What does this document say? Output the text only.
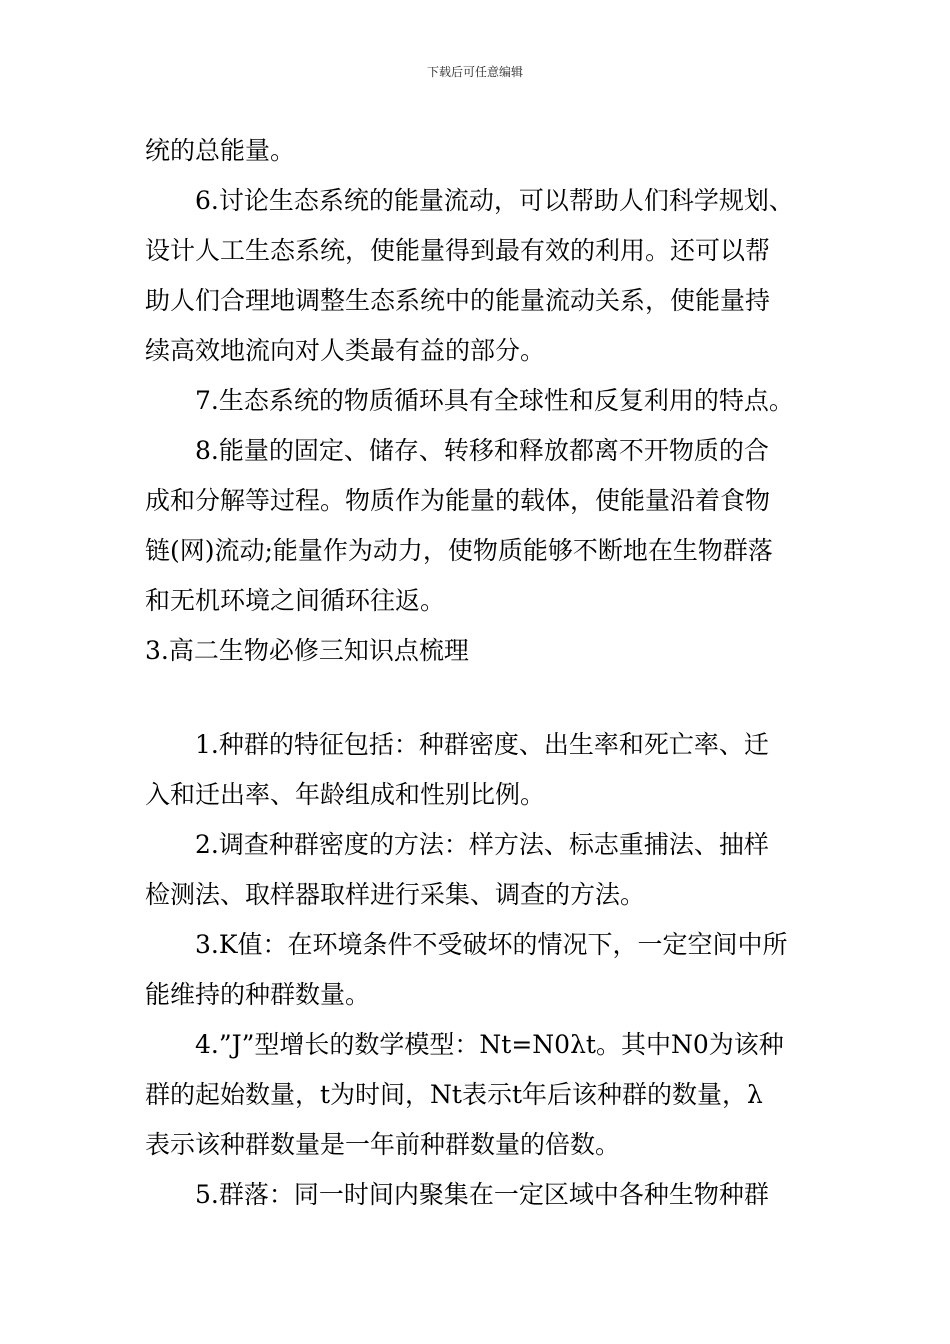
下载后可任意编辑
统的总能量。
6.讨论生态系统的能量流动，可以帮助人们科学规划、
设计人工生态系统，使能量得到最有效的利用。还可以帮
助人们合理地调整生态系统中的能量流动关系，使能量持
续高效地流向对人类最有益的部分。
7.生态系统的物质循环具有全球性和反复利用的特点。
8.能量的固定、储存、转移和释放都离不开物质的合
成和分解等过程。物质作为能量的载体，使能量沿着食物
链(网)流动;能量作为动力，使物质能够不断地在生物群落
和无机环境之间循环往返。
3.高二生物必修三知识点梳理
1.种群的特征包括：种群密度、出生率和死亡率、迁
入和迁出率、年龄组成和性别比例。
2.调查种群密度的方法：样方法、标志重捕法、抽样
检测法、取样器取样进行采集、调查的方法。
3.K值：在环境条件不受破坏的情况下，一定空间中所
能维持的种群数量。
4.”J”型增长的数学模型：Nt=N0λt。其中N0为该种
群的起始数量，t为时间，Nt表示t年后该种群的数量，λ
表示该种群数量是一年前种群数量的倍数。
5.群落：同一时间内聚集在一定区域中各种生物种群
